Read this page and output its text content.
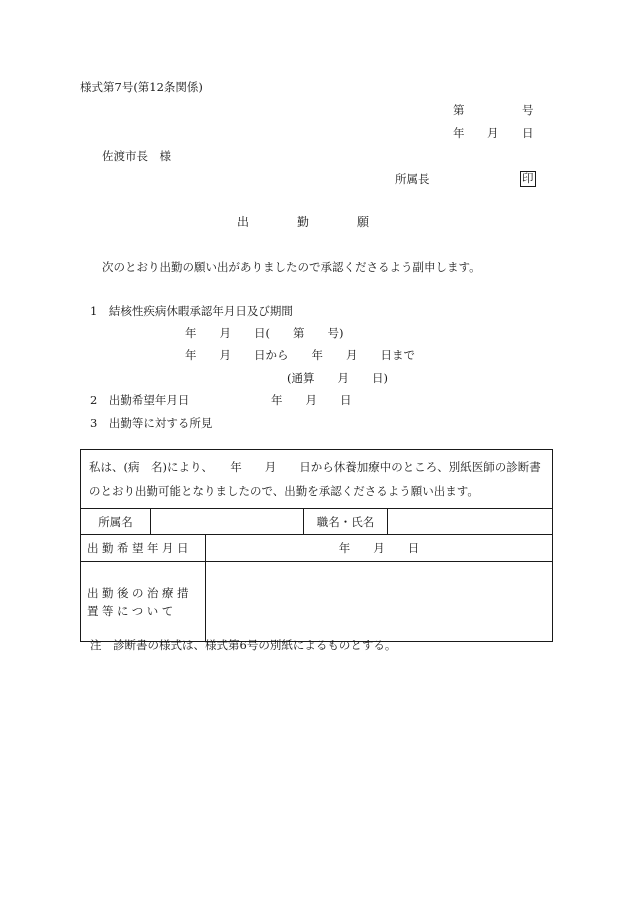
様式第7号(第12条関係)
第	号
年 月 日
佐渡市長　様
所属長	印
出　　　　勤　　　　願
次のとおり出勤の願い出がありましたので承認くださるよう副申します。
1　結核性疾病休暇承認年月日及び期間
年　　月　　日(　　第　　号)
年　　月　　日から　　年　　月　　日まで
(通算　　月　　日)
2　出勤希望年月日	年　　月　　日
3　出勤等に対する所見
私は、(病　名)により、　　年　　月　　日から休養加療中のところ、別紙医師の診断書のとおり出勤可能となりましたので、出勤を承認くださるよう願い出ます。				
所属名			職名・氏名	
出勤希望年月日		年　　月　　日		
出勤後の治療措置等について				
注　診断書の様式は、様式第6号の別紙によるものとする。
